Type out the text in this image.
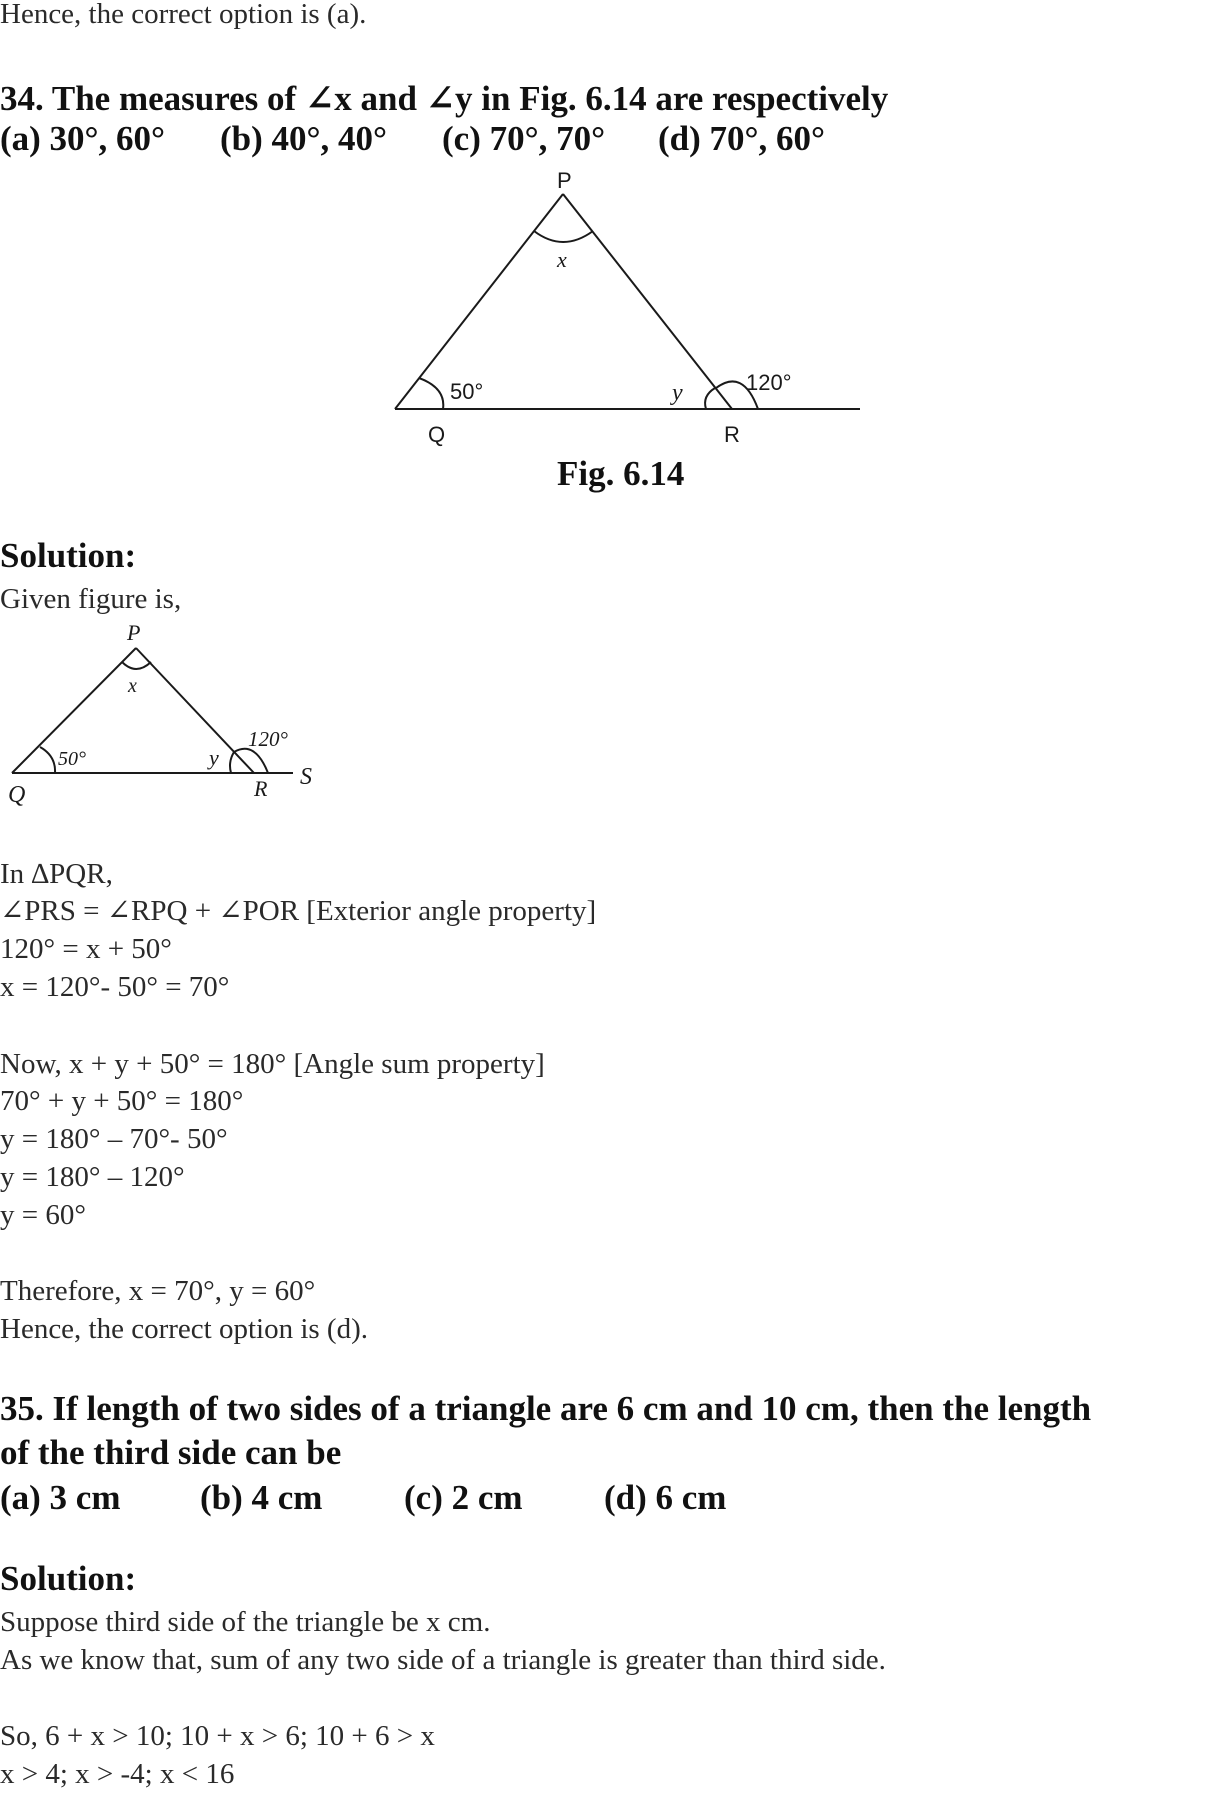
Hence, the correct option is (a).
34. The measures of ∠x and ∠y in Fig. 6.14 are respectively
(a) 30°, 60° (b) 40°, 40° (c) 70°, 70° (d) 70°, 60°
P
Q	R
x
y
50°	120°
Fig. 6.14
Solution:
Given figure is,
P
x
50°	y
120°
Q	R S
In ∆PQR,
∠PRS = ∠RPQ + ∠POR [Exterior angle property]
120° = x + 50°
x = 120°- 50° = 70°
Now, x + y + 50° = 180° [Angle sum property]
70° + y + 50° = 180°
y = 180° – 70°- 50°
y = 180° – 120°
y = 60°
Therefore, x = 70°, y = 60°
Hence, the correct option is (d).
35. If length of two sides of a triangle are 6 cm and 10 cm, then the length
of the third side can be
(a) 3 cm (b) 4 cm (c) 2 cm (d) 6 cm
Solution:
Suppose third side of the triangle be x cm.
As we know that, sum of any two side of a triangle is greater than third side.
So, 6 + x > 10; 10 + x > 6; 10 + 6 > x
x > 4; x > -4; x < 16
